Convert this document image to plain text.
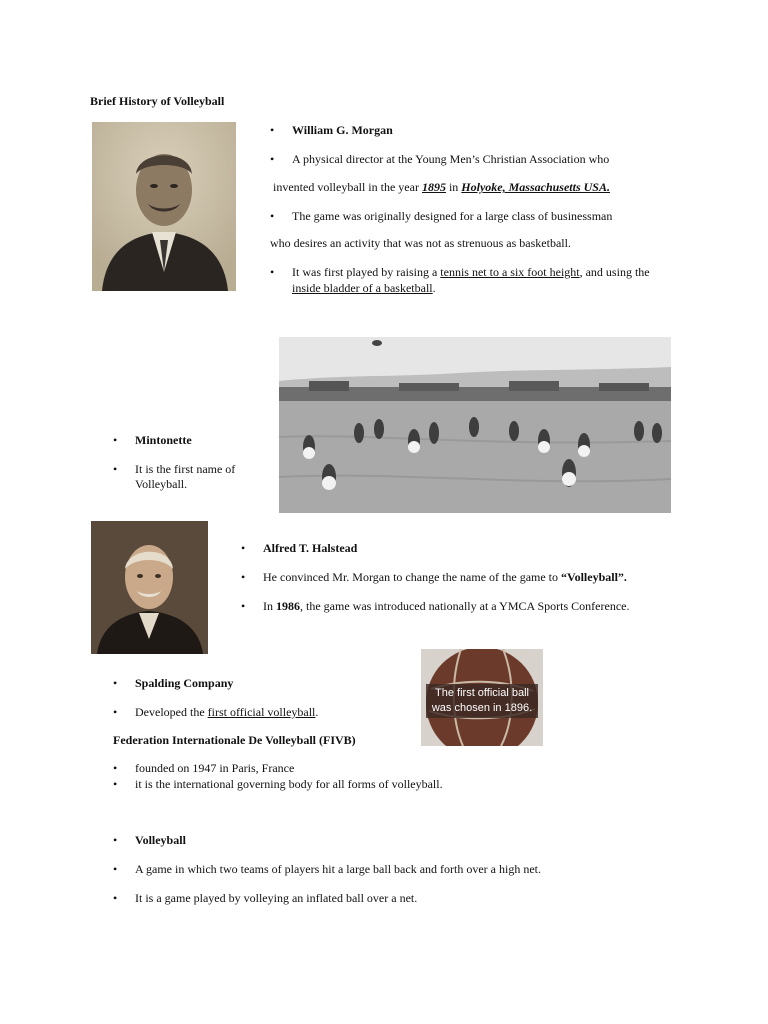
Brief History of Volleyball
• William G. Morgan
• A physical director at the Young Men’s Christian Association who
invented volleyball in the year 1895 in Holyoke, Massachusetts USA.
• The game was originally designed for a large class of businessman
who desires an activity that was not as strenuous as basketball.
• It was first played by raising a tennis net to a six foot height, and using the
inside bladder of a basketball.
• Mintonette
• It is the first name of
Volleyball.
• Alfred T. Halstead
• He convinced Mr. Morgan to change the name of the game to “Volleyball”.
• In 1986, the game was introduced nationally at a YMCA Sports Conference.
• Spalding Company
• Developed the first official volleyball.
The first official ball
was chosen in 1896.
Federation Internationale De Volleyball (FIVB)
• founded on 1947 in Paris, France
• it is the international governing body for all forms of volleyball.
• Volleyball
• A game in which two teams of players hit a large ball back and forth over a high net.
• It is a game played by volleying an inflated ball over a net.
